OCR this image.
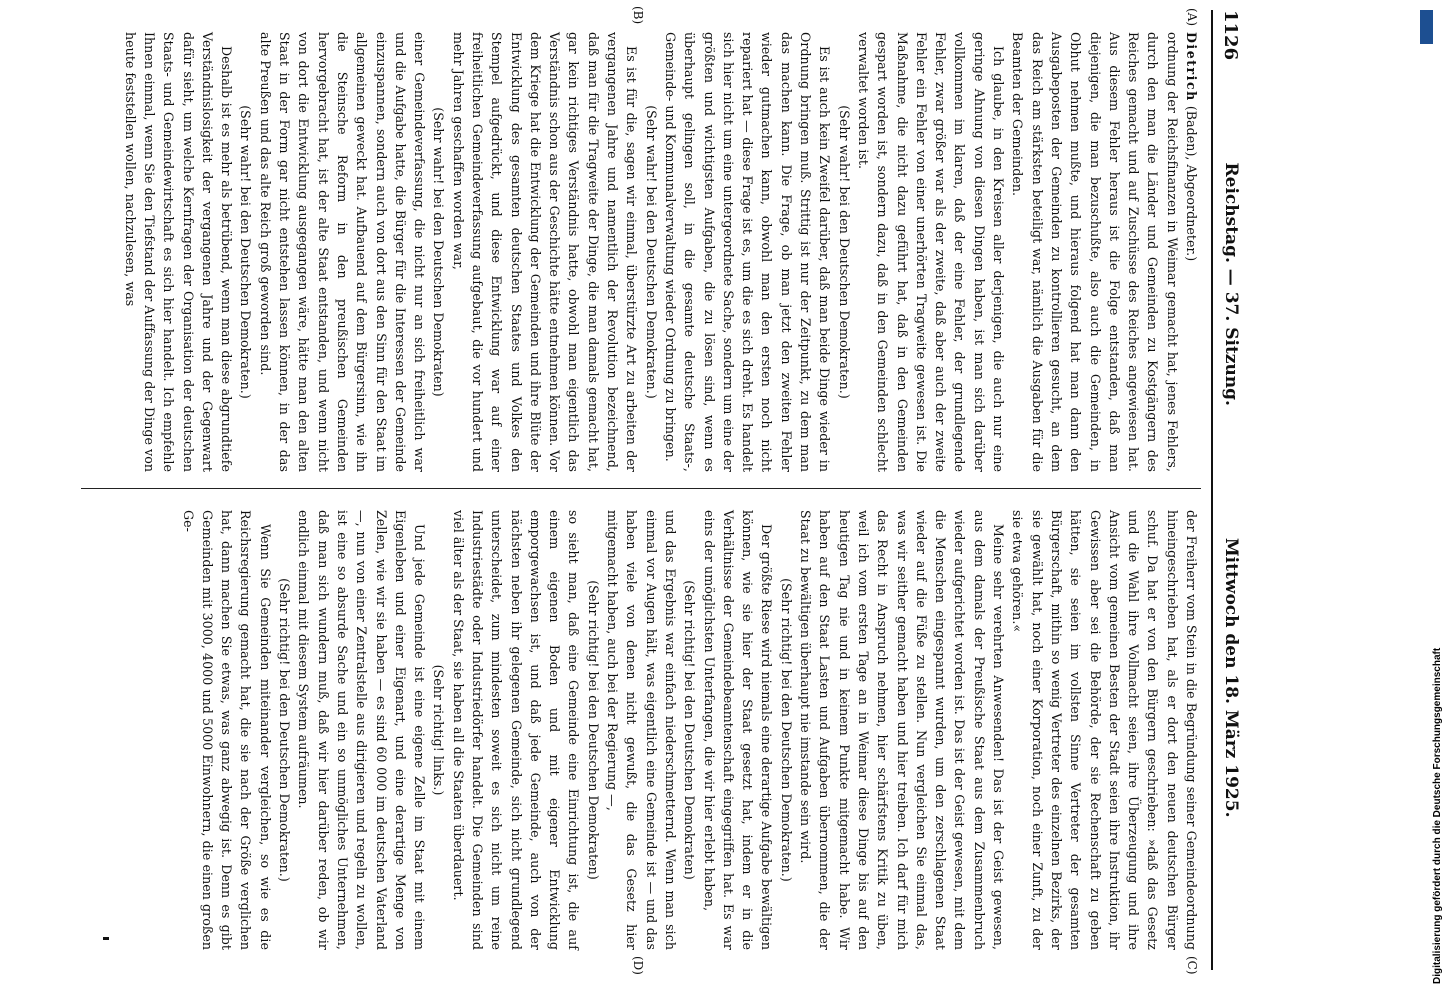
1126
Reichstag. — 37. Sitzung.  Mittwoch den 18. März 1925.
(A)
(B)
(C)
(D)

Dietrich (Baden), Abgeordneter.)

ordnung der Reichsfinanzen in Weimar gemacht hat, jenes Fehlers, durch den man die Länder und Gemeinden zu Kostgängern des Reiches gemacht und auf Zuschüsse des Reiches angewiesen hat. Aus diesem Fehler heraus ist die Folge entstanden, daß man diejenigen, die man bezuschußte, also auch die Gemeinden, in Obhut nehmen mußte, und hieraus folgend hat man dann den Ausgabeposten der Gemeinden zu kontrollieren gesucht, an dem das Reich am stärksten beteiligt war, nämlich die Ausgaben für die Beamten der Gemeinden.

Ich glaube, in den Kreisen aller derjenigen, die auch nur eine geringe Ahnung von diesen Dingen haben, ist man sich darüber vollkommen im klaren, daß der eine Fehler, der grundlegende Fehler, zwar größer war als der zweite, daß aber auch der zweite Fehler ein Fehler von einer unerhörten Tragweite gewesen ist. Die Maßnahme, die nicht dazu geführt hat, daß in den Gemeinden gespart worden ist, sondern dazu, daß in den Gemeinden schlecht verwaltet worden ist.

(Sehr wahr! bei den Deutschen Demokraten.)

Es ist auch kein Zweifel darüber, daß man beide Dinge wieder in Ordnung bringen muß. Strittig ist nur der Zeitpunkt, zu dem man das machen kann. Die Frage, ob man jetzt den zweiten Fehler wieder gutmachen kann, obwohl man den ersten noch nicht repariert hat — diese Frage ist es, um die es sich dreht. Es handelt sich hier nicht um eine untergeordnete Sache, sondern um eine der größten und wichtigsten Aufgaben, die zu lösen sind, wenn es überhaupt gelingen soll, in die gesamte deutsche Staats-, Gemeinde- und Kommunalverwaltung wieder Ordnung zu bringen.

(Sehr wahr! bei den Deutschen Demokraten.)

Es ist für die, sagen wir einmal, überstürzte Art zu arbeiten der vergangenen Jahre und namentlich der Revolution bezeichnend, daß man für die Tragweite der Dinge, die man damals gemacht hat, gar kein richtiges Verständnis hatte, obwohl man eigentlich das Verständnis schon aus der Geschichte hätte entnehmen können. Vor dem Kriege hat die Entwicklung der Gemeinden und ihre Blüte der Entwicklung des gesamten deutschen Staates und Volkes den Stempel aufgedrückt, und diese Entwicklung war auf einer freiheitlichen Gemeindeverfassung aufgebaut, die vor hundert und mehr Jahren geschaffen worden war,

(Sehr wahr! bei den Deutschen Demokraten)

einer Gemeindeverfassung, die nicht nur an sich freiheitlich war und die Aufgabe hatte, die Bürger für die Interessen der Gemeinde einzuspannen, sondern auch von dort aus den Sinn für den Staat im allgemeinen geweckt hat. Aufbauend auf dem Bürgersinn, wie ihn die Steinsche Reform in den preußischen Gemeinden hervorgebracht hat, ist der alte Staat entstanden, und wenn nicht von dort die Entwicklung ausgegangen wäre, hätte man den alten Staat in der Form gar nicht entstehen lassen können, in der das alte Preußen und das alte Reich groß geworden sind.

(Sehr wahr! bei den Deutschen Demokraten.)

Deshalb ist es mehr als betrübend, wenn man diese abgrundtiefe Verständnislosigkeit der vergangenen Jahre und der Gegenwart dafür sieht, um welche Kernfragen der Organisation der deutschen Staats- und Gemeindewirtschaft es sich hier handelt. Ich empfehle Ihnen einmal, wenn Sie den Tiefstand der Auffassung der Dinge von heute feststellen wollen, nachzulesen, was

der Freiherr vom Stein in die Begründung seiner Gemeindeordnung hineingeschrieben hat, als er dort den neuen deutschen Bürger schuf. Da hat er von den Bürgern geschrieben: »daß das Gesetz und die Wahl ihre Vollmacht seien, ihre Überzeugung und ihre Ansicht vom gemeinen Besten der Stadt seien ihre Instruktion, ihr Gewissen aber sei die Behörde, der sie Rechenschaft zu geben hätten, sie seien im vollsten Sinne Vertreter der gesamten Bürgerschaft, mithin so wenig Vertreter des einzelnen Bezirks, der sie gewählt hat, noch einer Korporation, noch einer Zunft, zu der sie etwa gehören.«

Meine sehr verehrten Anwesenden! Das ist der Geist gewesen, aus dem damals der Preußische Staat aus dem Zusammenbruch wieder aufgerichtet worden ist. Das ist der Geist gewesen, mit dem die Menschen eingespannt wurden, um den zerschlagenen Staat wieder auf die Füße zu stellen. Nun vergleichen Sie einmal das, was wir seither gemacht haben und hier treiben. Ich darf für mich das Recht in Anspruch nehmen, hier schärfstens Kritik zu üben, weil ich vom ersten Tage an in Weimar diese Dinge bis auf den heutigen Tag nie und in keinem Punkte mitgemacht habe. Wir haben auf den Staat Lasten und Aufgaben übernommen, die der Staat zu bewältigen überhaupt nie imstande sein wird.

(Sehr richtig! bei den Deutschen Demokraten.)

Der größte Riese wird niemals eine derartige Aufgabe bewältigen können, wie sie hier der Staat gesetzt hat, indem er in die Verhältnisse der Gemeindebeamtenschaft eingegriffen hat. Es war eins der umöglichsten Unterfangen, die wir hier erlebt haben,

(Sehr richtig! bei den Deutschen Demokraten)

und das Ergebnis war einfach niederschmetternd. Wenn man sich einmal vor Augen hält, was eigentlich eine Gemeinde ist — und das haben viele von denen nicht gewußt, die das Gesetz hier mitgemacht haben, auch bei der Regierung —,

(Sehr richtig! bei den Deutschen Demokraten)

so sieht man, daß eine Gemeinde eine Einrichtung ist, die auf einem eigenen Boden und mit eigener Entwicklung emporgewachsen ist, und daß jede Gemeinde, auch von der nächsten neben ihr gelegenen Gemeinde, sich nicht grundlegend unterscheidet, zum mindesten soweit es sich nicht um reine Industriestädte oder Industriedörfer handelt. Die Gemeinden sind viel älter als der Staat, sie haben all die Staaten überdauert.

(Sehr richtig! links.)

Und jede Gemeinde ist eine eigene Zelle im Staat mit einem Eigenleben und einer Eigenart, und eine derartige Menge von Zellen, wie wir sie haben — es sind 60 000 im deutschen Vaterland —, nun von einer Zentralstelle aus dirigieren und regeln zu wollen, ist eine so absurde Sache und ein so unmögliches Unternehmen, daß man sich wundern muß, daß wir hier darüber reden, ob wir endlich einmal mit diesem System aufräumen.

(Sehr richtig! bei den Deutschen Demokraten.)

Wenn Sie Gemeinden miteinander vergleichen, so wie es die Reichsregierung gemacht hat, die sie nach der Größe verglichen hat, dann machen Sie etwas, was ganz abwegig ist. Denn es gibt Gemeinden mit 3000, 4000 und 5000 Einwohnern, die einen großen Ge-

DFG
Digitalisierung gefördert durch die Deutsche Forschungsgemeinschaft
